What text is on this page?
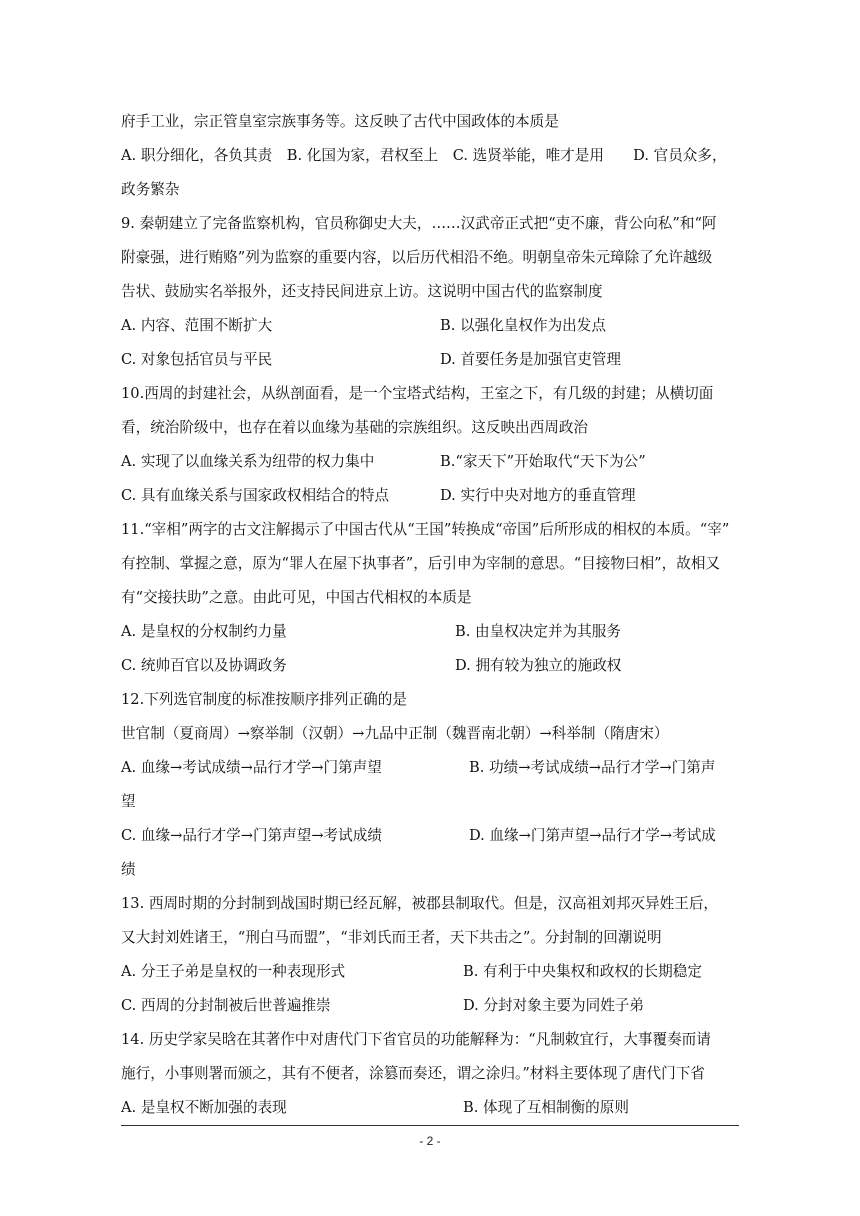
府手工业，宗正管皇室宗族事务等。这反映了古代中国政体的本质是
A. 职分细化，各负其责　B. 化国为家，君权至上　C. 选贤举能，唯才是用　　D. 官员众多，
政务繁杂
9. 秦朝建立了完备监察机构，官员称御史大夫，……汉武帝正式把“吏不廉，背公向私”和“阿
附豪强，进行贿赂”列为监察的重要内容，以后历代相沿不绝。明朝皇帝朱元璋除了允许越级
告状、鼓励实名举报外，还支持民间进京上访。这说明中国古代的监察制度
A. 内容、范围不断扩大	B. 以强化皇权作为出发点
C. 对象包括官员与平民	D. 首要任务是加强官吏管理
10.西周的封建社会，从纵剖面看，是一个宝塔式结构，王室之下，有几级的封建；从横切面
看，统治阶级中，也存在着以血缘为基础的宗族组织。这反映出西周政治
A. 实现了以血缘关系为纽带的权力集中	B.“家天下”开始取代“天下为公”
C. 具有血缘关系与国家政权相结合的特点	D. 实行中央对地方的垂直管理
11.“宰相”两字的古文注解揭示了中国古代从“王国”转换成“帝国”后所形成的相权的本质。“宰”
有控制、掌握之意，原为“罪人在屋下执事者”，后引申为宰制的意思。“目接物曰相”，故相又
有“交接扶助”之意。由此可见，中国古代相权的本质是
A. 是皇权的分权制约力量	B. 由皇权决定并为其服务
C. 统帅百官以及协调政务	D. 拥有较为独立的施政权
12.下列选官制度的标准按顺序排列正确的是
世官制（夏商周）→察举制（汉朝）→九品中正制（魏晋南北朝）→科举制（隋唐宋）
A. 血缘→考试成绩→品行才学→门第声望	B. 功绩→考试成绩→品行才学→门第声
望
C. 血缘→品行才学→门第声望→考试成绩	D. 血缘→门第声望→品行才学→考试成
绩
13. 西周时期的分封制到战国时期已经瓦解，被郡县制取代。但是，汉高祖刘邦灭异姓王后，
又大封刘姓诸王，“刑白马而盟”，“非刘氏而王者，天下共击之”。分封制的回潮说明
A. 分王子弟是皇权的一种表现形式	B. 有利于中央集权和政权的长期稳定
C. 西周的分封制被后世普遍推崇	D. 分封对象主要为同姓子弟
14. 历史学家吴晗在其著作中对唐代门下省官员的功能解释为：“凡制敕宜行，大事覆奏而请
施行，小事则署而颁之，其有不便者，涂篡而奏还，谓之涂归。”材料主要体现了唐代门下省
A. 是皇权不断加强的表现	B. 体现了互相制衡的原则
- 2 -
